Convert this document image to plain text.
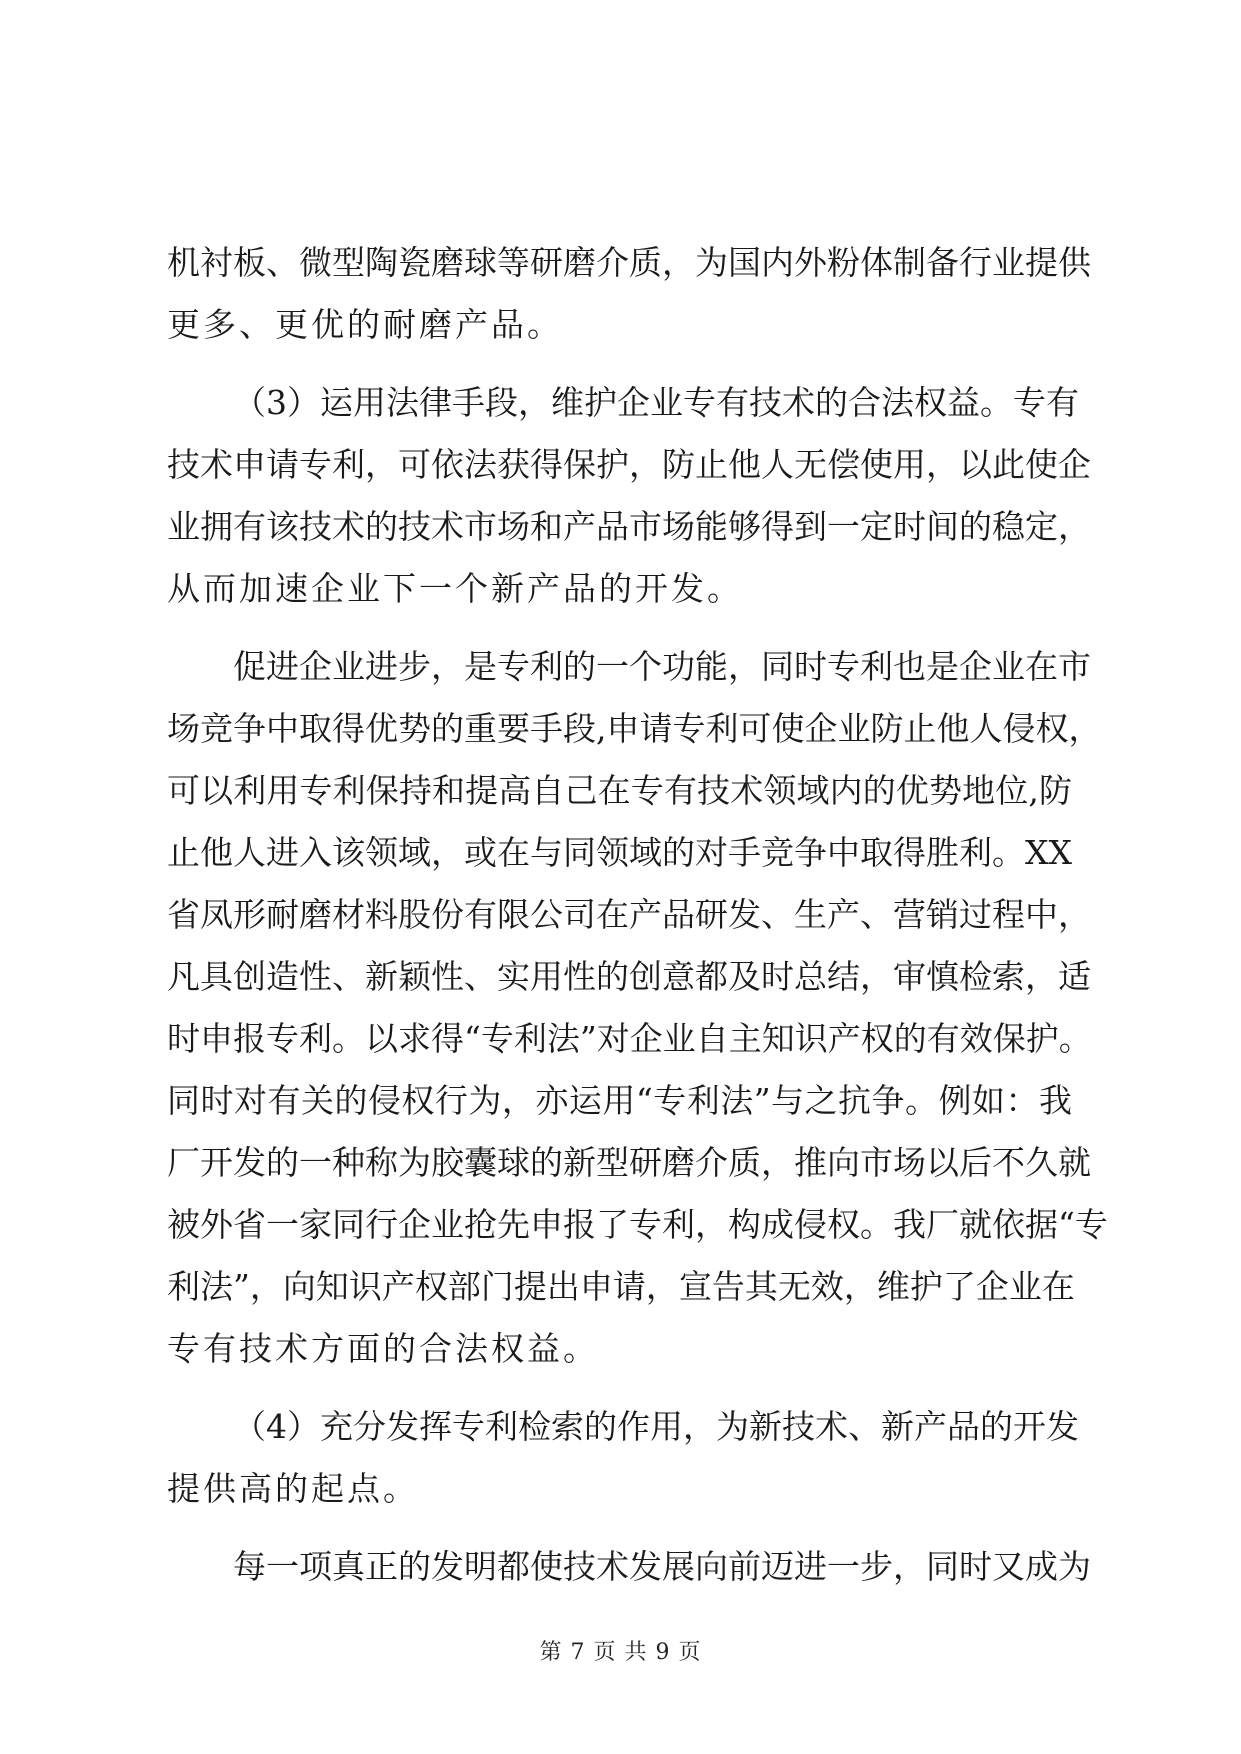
机衬板、微型陶瓷磨球等研磨介质，为国内外粉体制备行业提供
更多、更优的耐磨产品。
（3）运用法律手段，维护企业专有技术的合法权益。专有
技术申请专利，可依法获得保护，防止他人无偿使用，以此使企
业拥有该技术的技术市场和产品市场能够得到一定时间的稳定，
从而加速企业下一个新产品的开发。
促进企业进步，是专利的一个功能，同时专利也是企业在市
场竞争中取得优势的重要手段,申请专利可使企业防止他人侵权，
可以利用专利保持和提高自己在专有技术领域内的优势地位,防
止他人进入该领域，或在与同领域的对手竞争中取得胜利。XX
省凤形耐磨材料股份有限公司在产品研发、生产、营销过程中，
凡具创造性、新颖性、实用性的创意都及时总结，审慎检索，适
时申报专利。以求得“专利法”对企业自主知识产权的有效保护。
同时对有关的侵权行为，亦运用“专利法”与之抗争。例如：我
厂开发的一种称为胶囊球的新型研磨介质，推向市场以后不久就
被外省一家同行企业抢先申报了专利，构成侵权。我厂就依据“专
利法”，向知识产权部门提出申请，宣告其无效，维护了企业在
专有技术方面的合法权益。
（4）充分发挥专利检索的作用，为新技术、新产品的开发
提供高的起点。
每一项真正的发明都使技术发展向前迈进一步，同时又成为
第 7 页 共 9 页
